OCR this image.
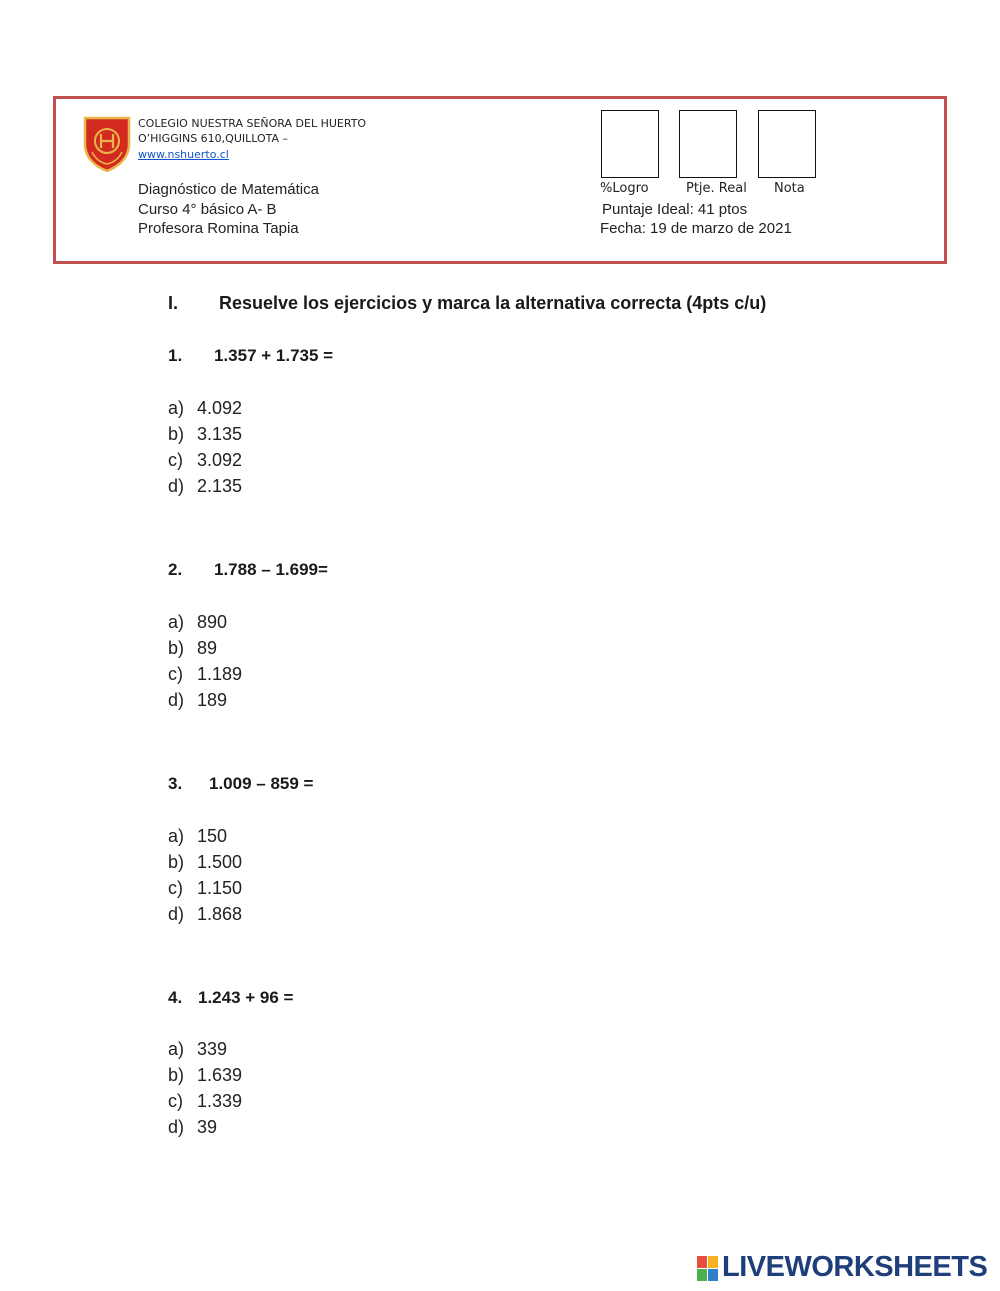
COLEGIO NUESTRA SEÑORA DEL HUERTO
O’HIGGINS 610,QUILLOTA –
www.nshuerto.cl
Diagnóstico de Matemática
Curso 4° básico A- B
Profesora Romina Tapia
%Logro	Ptje. Real Nota
Puntaje Ideal: 41 ptos
Fecha: 19 de marzo de 2021
I. Resuelve los ejercicios y marca la alternativa correcta (4pts c/u)
1. 1.357 + 1.735 =
a) 4.092
b) 3.135
c) 3.092
d) 2.135
2. 1.788 – 1.699=
a) 890
b) 89
c) 1.189
d) 189
3. 1.009 – 859 =
a) 150
b) 1.500
c) 1.150
d) 1.868
4. 1.243 + 96 =
a) 339
b) 1.639
c) 1.339
d) 39
LIVEWORKSHEETS
